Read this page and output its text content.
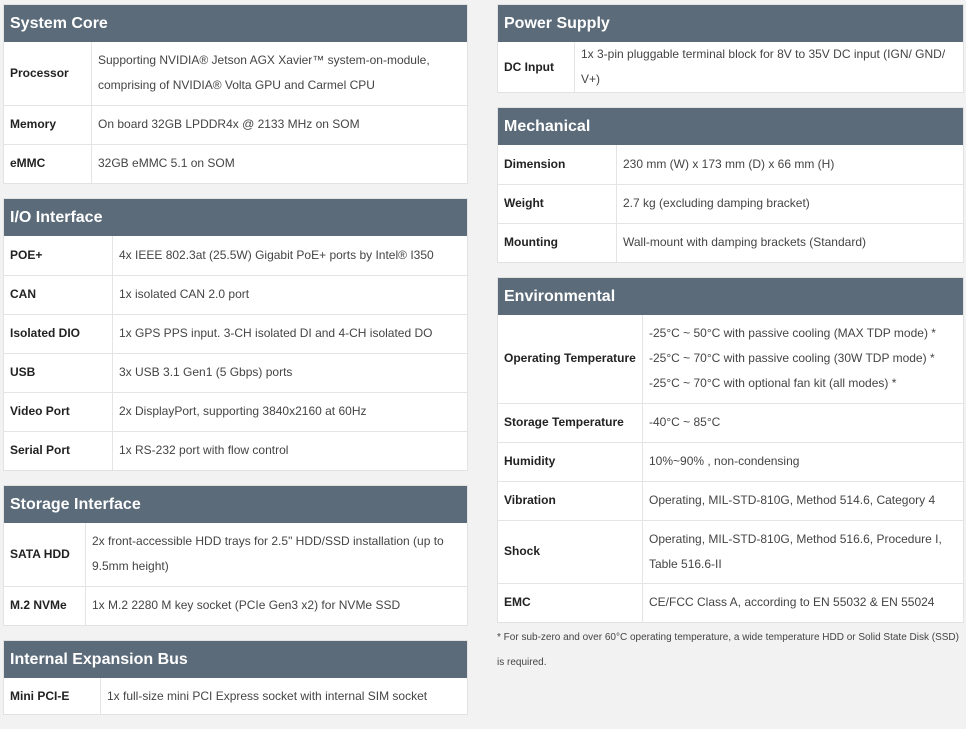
System Core
Processor	Supporting NVIDIA® Jetson AGX Xavier™ system-on-module, comprising of NVIDIA® Volta GPU and Carmel CPU
Memory	On board 32GB LPDDR4x @ 2133 MHz on SOM
eMMC	32GB eMMC 5.1 on SOM
I/O Interface
POE+	4x IEEE 802.3at (25.5W) Gigabit PoE+ ports by Intel® I350
CAN	1x isolated CAN 2.0 port
Isolated DIO	1x GPS PPS input. 3-CH isolated DI and 4-CH isolated DO
USB	3x USB 3.1 Gen1 (5 Gbps) ports
Video Port	2x DisplayPort, supporting 3840x2160 at 60Hz
Serial Port	1x RS-232 port with flow control
Storage Interface
SATA HDD	2x front-accessible HDD trays for 2.5" HDD/SSD installation (up to 9.5mm height)
M.2 NVMe	1x M.2 2280 M key socket (PCIe Gen3 x2) for NVMe SSD
Internal Expansion Bus
Mini PCI-E	1x full-size mini PCI Express socket with internal SIM socket
Power Supply
DC Input	1x 3-pin pluggable terminal block for 8V to 35V DC input (IGN/ GND/ V+)
Mechanical
Dimension	230 mm (W) x 173 mm (D) x 66 mm (H)
Weight	2.7 kg (excluding damping bracket)
Mounting	Wall-mount with damping brackets (Standard)
Environmental
Operating Temperature	-25°C ~ 50°C with passive cooling (MAX TDP mode) *
-25°C ~ 70°C with passive cooling (30W TDP mode) *
-25°C ~ 70°C with optional fan kit (all modes) *
Storage Temperature	-40°C ~ 85°C
Humidity	10%~90% , non-condensing
Vibration	Operating, MIL-STD-810G, Method 514.6, Category 4
Shock	Operating, MIL-STD-810G, Method 516.6, Procedure I, Table 516.6-II
EMC	CE/FCC Class A, according to EN 55032 & EN 55024
* For sub-zero and over 60°C operating temperature, a wide temperature HDD or Solid State Disk (SSD) is required.
